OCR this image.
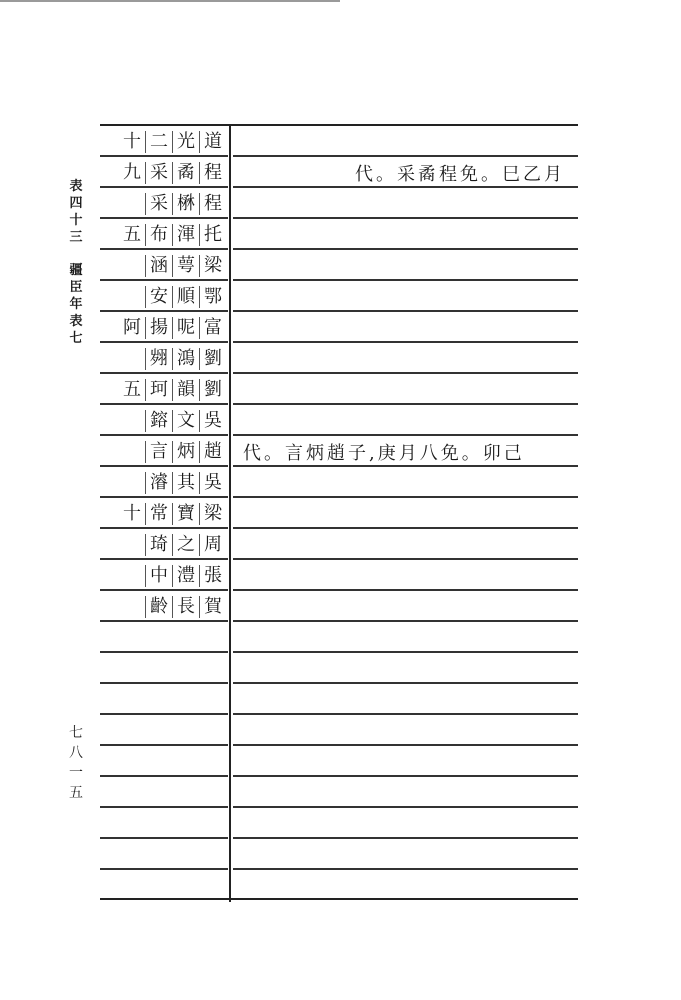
表
四
十
三
疆
臣
年
表
七
七
八
一
五
十 二 光 道
九 采 矞 程	代。采矞程免。巳乙月
采 楙 程
五 布 渾 托
涵 萼 梁
安 順 鄂
阿 揚 呢 富
翙 鴻 劉
五 珂 韻 劉
鎔 文 吳
言 炳 趙	代。言炳趙子,庚月八免。卯己
濬 其 吳
十 常 寶 梁
琦 之 周
中 澧 張
齡 長 賀
